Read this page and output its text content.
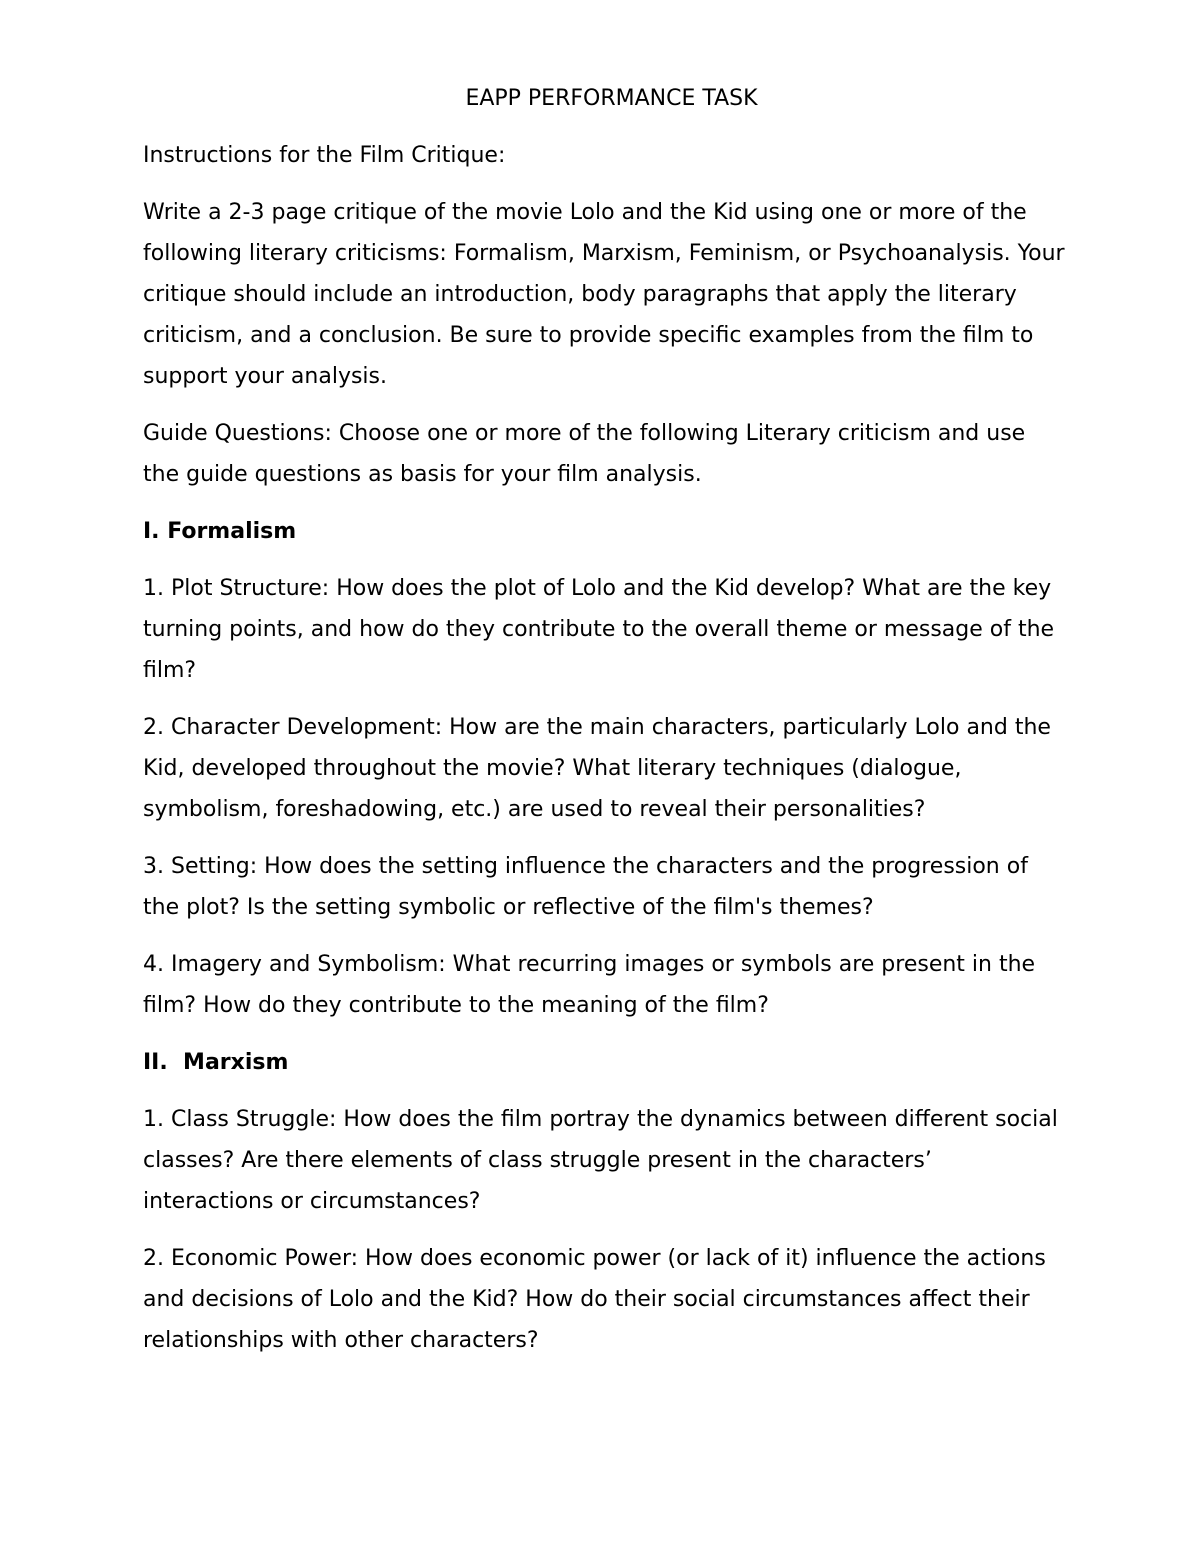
EAPP PERFORMANCE TASK

Instructions for the Film Critique:

Write a 2-3 page critique of the movie Lolo and the Kid using one or more of the following literary criticisms: Formalism, Marxism, Feminism, or Psychoanalysis. Your critique should include an introduction, body paragraphs that apply the literary criticism, and a conclusion. Be sure to provide specific examples from the film to support your analysis.

Guide Questions: Choose one or more of the following Literary criticism and use the guide questions as basis for your film analysis.

I. Formalism

1. Plot Structure: How does the plot of Lolo and the Kid develop? What are the key turning points, and how do they contribute to the overall theme or message of the film?

2. Character Development: How are the main characters, particularly Lolo and the Kid, developed throughout the movie? What literary techniques (dialogue, symbolism, foreshadowing, etc.) are used to reveal their personalities?

3. Setting: How does the setting influence the characters and the progression of the plot? Is the setting symbolic or reflective of the film's themes?

4. Imagery and Symbolism: What recurring images or symbols are present in the film? How do they contribute to the meaning of the film?

II.  Marxism

1. Class Struggle: How does the film portray the dynamics between different social classes? Are there elements of class struggle present in the characters’ interactions or circumstances?

2. Economic Power: How does economic power (or lack of it) influence the actions and decisions of Lolo and the Kid? How do their social circumstances affect their relationships with other characters?
